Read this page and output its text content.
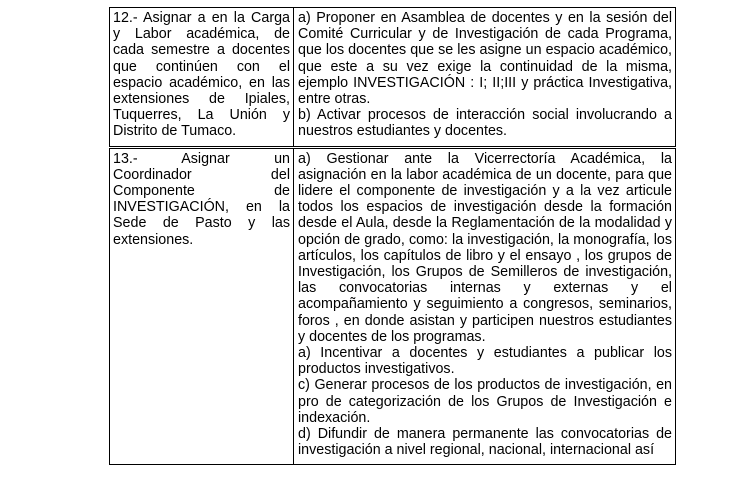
12.- Asignar a en la Carga y Labor académica, de cada semestre a docentes que continúen con el espacio académico, en las extensiones de Ipiales, Tuquerres, La Unión y Distrito de Tumaco.	a) Proponer en Asamblea de docentes y en la sesión del Comité Curricular y de Investigación de cada Programa, que los docentes que se les asigne un espacio académico, que este a su vez exige la continuidad de la misma, ejemplo INVESTIGACIÓN : I; II;III y práctica Investigativa, entre otras.

b) Activar procesos de interacción social involucrando a nuestros estudiantes y docentes.

13.- Asignar un Coordinador del Componente de INVESTIGACIÓN, en la Sede de Pasto y las extensiones.	a) Gestionar ante la Vicerrectoría Académica, la asignación en la labor académica de un docente, para que lidere el componente de investigación y a la vez articule todos los espacios de investigación desde la formación desde el Aula, desde la Reglamentación de la modalidad y opción de grado, como: la investigación, la monografía, los artículos, los capítulos de libro y el ensayo , los grupos de Investigación, los Grupos de Semilleros de investigación, las convocatorias internas y externas y el acompañamiento y seguimiento a congresos, seminarios, foros , en donde asistan y participen nuestros estudiantes y docentes de los programas.

a) Incentivar a docentes y estudiantes a publicar los productos investigativos.

c) Generar procesos de los productos de investigación, en pro de categorización de los Grupos de Investigación e indexación.

d) Difundir de manera permanente las convocatorias de investigación a nivel regional, nacional, internacional así
